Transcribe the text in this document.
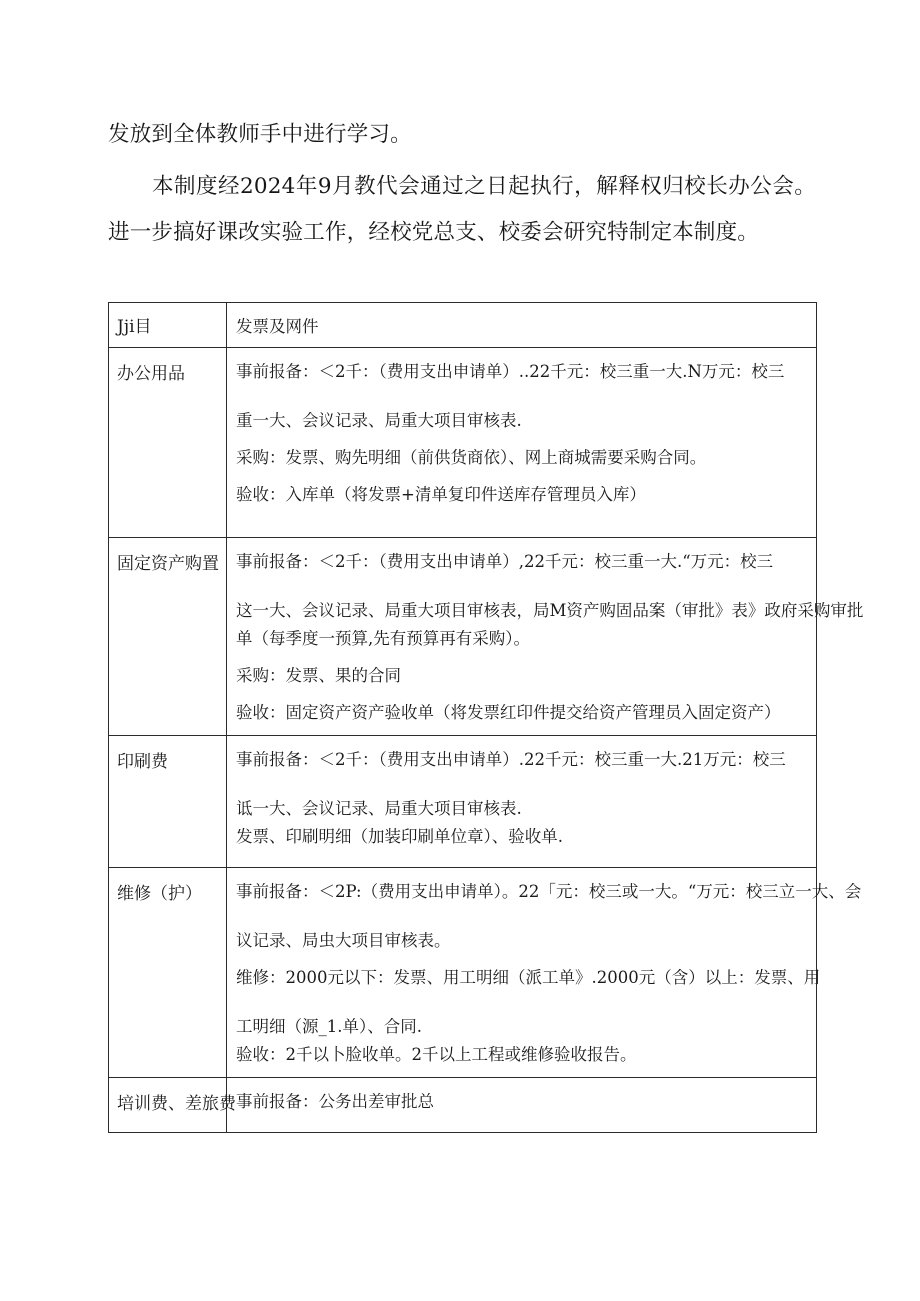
发放到全体教师手中进行学习。

本制度经2024年9月教代会通过之日起执行，解释权归校长办公会。进一步搞好课改实验工作，经校党总支、校委会研究特制定本制度。

Jji目	发票及网件

办公用品	事前报备：＜2千：（费用支出申请单）..22千元：校三重一大.N万元：校三

重一大、会议记录、局重大项目审核表.

采购：发票、购先明细（前供货商依）、网上商城需要采购合同。

验收：入库单（将发票+清单复印件送库存管理员入库）

固定资产购置	事前报备：＜2千：（费用支出申请单）,22千元：校三重一大.“万元：校三

这一大、会议记录、局重大项目审核表，局M资产购固品案（审批》表》政府采购审批

单（每季度一预算,先有预算再有采购）。

采购：发票、果的合同

验收：固定资产资产验收单（将发票红印件提交给资产管理员入固定资产）

印刷费	事前报备：＜2千：（费用支出申请单）.22千元：校三重一大.21万元：校三

诋一大、会议记录、局重大项目审核表.

发票、印刷明细（加装印刷单位章）、验收单.

维修（护）	事前报备：＜2P:（费用支出申请单）。22「元：校三或一大。“万元：校三立一大、会

议记录、局虫大项目审核表。

维修：2000元以下：发票、用工明细（派工单》.2000元（含）以上：发票、用

工明细（源_1.单）、合同.

验收：2千以卜脸收单。2千以上工程或维修验收报告。

培训费、差旅费	事前报备：公务出差审批总
